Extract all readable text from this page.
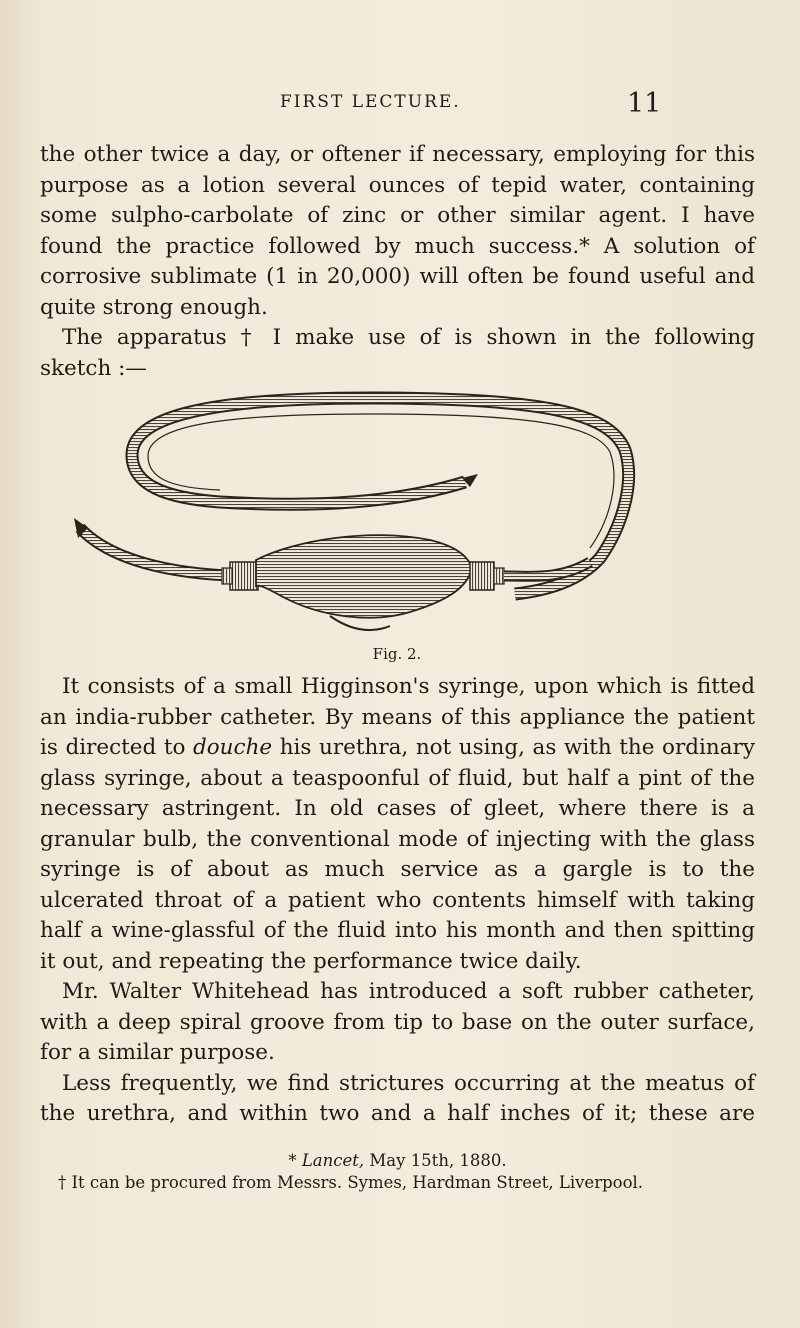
FIRST LECTURE.	11

the other twice a day, or oftener if necessary, employing for this

purpose as a lotion several ounces of tepid water, containing

some sulpho-carbolate of zinc or other similar agent. I have

found the practice followed by much success.* A solution of

corrosive sublimate (1 in 20,000) will often be found useful and

quite strong enough.

The apparatus † I make use of is shown in the following

sketch :—

Fig. 2.

It consists of a small Higginson's syringe, upon which is fitted an india-rubber catheter. By means of this appliance the patient is directed to douche his urethra, not using, as with the ordinary glass syringe, about a teaspoonful of fluid, but half a pint of the necessary astringent. In old cases of gleet, where there is a granular bulb, the conventional mode of injecting with the glass syringe is of about as much service as a gargle is to the ulcerated throat of a patient who contents himself with taking half a wine-glassful of the fluid into his month and then spitting it out, and repeating the performance twice daily.

Mr. Walter Whitehead has introduced a soft rubber catheter, with a deep spiral groove from tip to base on the outer surface, for a similar purpose.

Less frequently, we find strictures occurring at the meatus of the urethra, and within two and a half inches of it; these are

* Lancet, May 15th, 1880.
† It can be procured from Messrs. Symes, Hardman Street, Liverpool.
